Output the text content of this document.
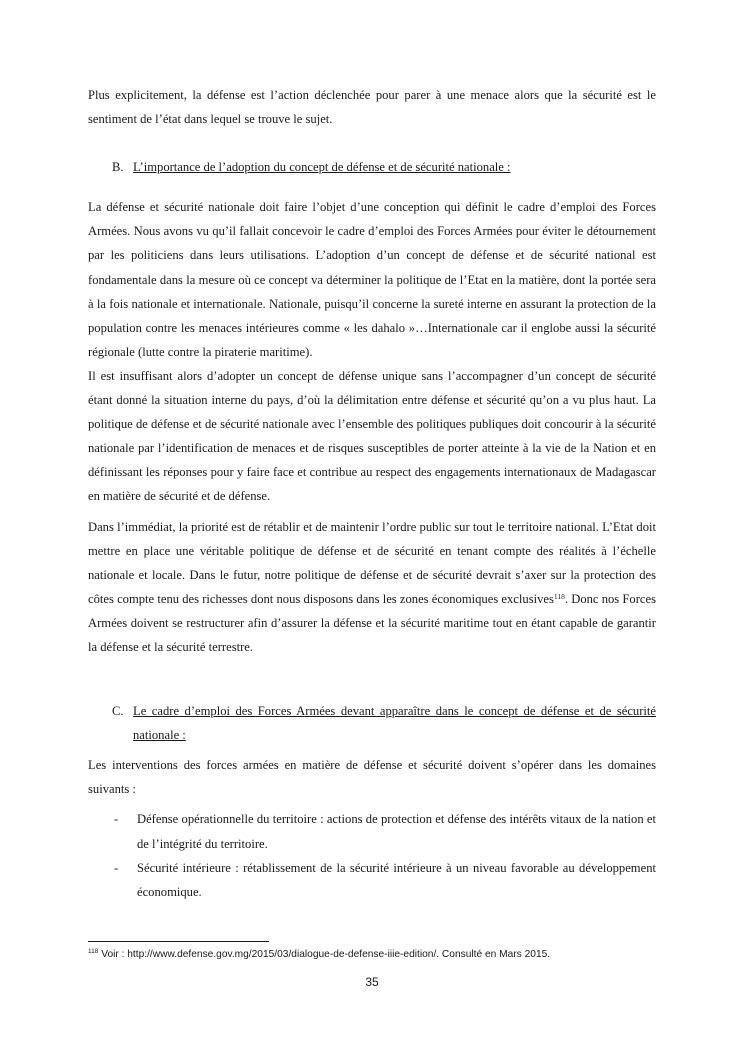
Plus explicitement, la défense est l’action déclenchée pour parer à une menace alors que la sécurité est le sentiment de l’état dans lequel se trouve le sujet.

B. L’importance de l’adoption du concept de défense et de sécurité nationale :

La défense et sécurité nationale doit faire l’objet d’une conception qui définit le cadre d’emploi des Forces Armées. Nous avons vu qu’il fallait concevoir le cadre d’emploi des Forces Armées pour éviter le détournement par les politiciens dans leurs utilisations. L’adoption d’un concept de défense et de sécurité national est fondamentale dans la mesure où ce concept va déterminer la politique de l’Etat en la matière, dont la portée sera à la fois nationale et internationale. Nationale, puisqu’il concerne la sureté interne en assurant la protection de la population contre les menaces intérieures comme « les dahalo »…Internationale car il englobe aussi la sécurité régionale (lutte contre la piraterie maritime).

Il est insuffisant alors d’adopter un concept de défense unique sans l’accompagner d’un concept de sécurité étant donné la situation interne du pays, d’où la délimitation entre défense et sécurité qu’on a vu plus haut. La politique de défense et de sécurité nationale avec l’ensemble des politiques publiques doit concourir à la sécurité nationale par l’identification de menaces et de risques susceptibles de porter atteinte à la vie de la Nation et en définissant les réponses pour y faire face et contribue au respect des engagements internationaux de Madagascar en matière de sécurité et de défense.

Dans l’immédiat, la priorité est de rétablir et de maintenir l’ordre public sur tout le territoire national. L’Etat doit mettre en place une véritable politique de défense et de sécurité en tenant compte des réalités à l’échelle nationale et locale. Dans le futur, notre politique de défense et de sécurité devrait s’axer sur la protection des côtes compte tenu des richesses dont nous disposons dans les zones économiques exclusives$^{118}$. Donc nos Forces Armées doivent se restructurer afin d’assurer la défense et la sécurité maritime tout en étant capable de garantir la défense et la sécurité terrestre.

C. Le cadre d’emploi des Forces Armées devant apparaître dans le concept de défense et de sécurité nationale :

Les interventions des forces armées en matière de défense et sécurité doivent s’opérer dans les domaines suivants :

- Défense opérationnelle du territoire : actions de protection et défense des intérêts vitaux de la nation et de l’intégrité du territoire.
- Sécurité intérieure : rétablissement de la sécurité intérieure à un niveau favorable au développement économique.
$^{118}$ Voir : http://www.defense.gov.mg/2015/03/dialogue-de-defense-iiie-edition/. Consulté en Mars 2015.
35
